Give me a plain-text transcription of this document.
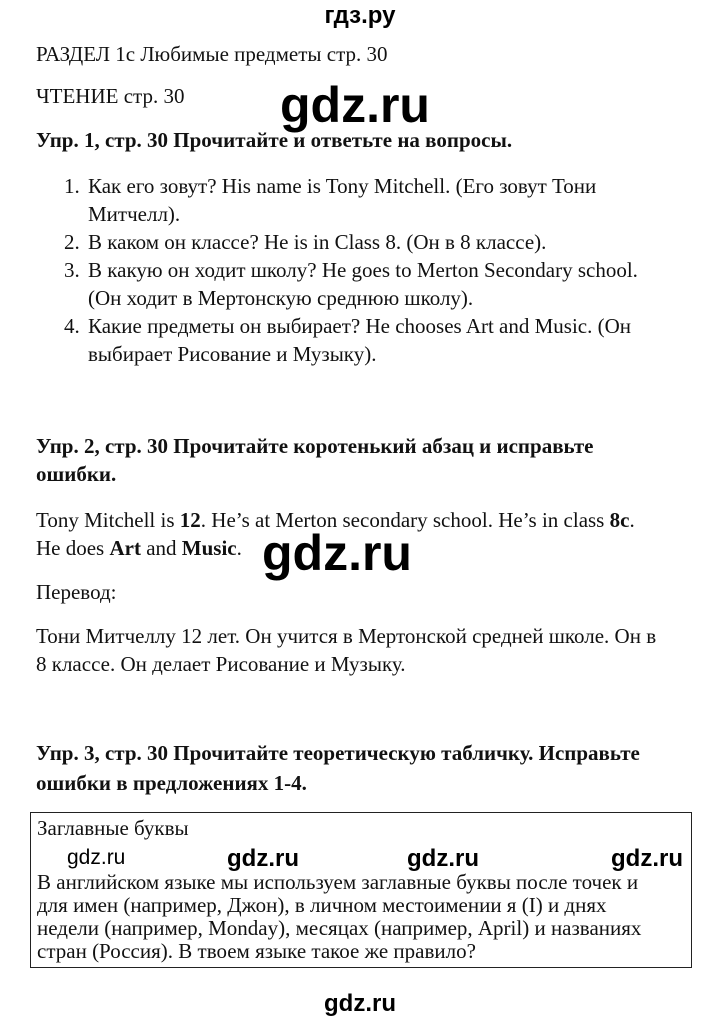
гдз.ру
РАЗДЕЛ 1с Любимые предметы стр. 30
ЧТЕНИЕ стр. 30 gdz.ru
Упр. 1, стр. 30 Прочитайте и ответьте на вопросы.
1. Как его зовут? His name is Tony Mitchell. (Его зовут Тони
Митчелл).
2. В каком он классе? He is in Class 8. (Он в 8 классе).
3. В какую он ходит школу? He goes to Merton Secondary school.
(Он ходит в Мертонскую среднюю школу).
4. Какие предметы он выбирает? He chooses Art and Music. (Он
выбирает Рисование и Музыку).
Упр. 2, стр. 30 Прочитайте коротенький абзац и исправьте
ошибки.
Tony Mitchell is 12. He’s at Merton secondary school. He’s in class 8c.
He does Art and Music. gdz.ru
Перевод:
Тони Митчеллу 12 лет. Он учится в Мертонской средней школе. Он в
8 классе. Он делает Рисование и Музыку.
Упр. 3, стр. 30 Прочитайте теоретическую табличку. Исправьте
ошибки в предложениях 1-4.
Заглавные буквы
gdz.ru	gdz.ru	gdz.ru	gdz.ru
В английском языке мы используем заглавные буквы после точек и
для имен (например, Джон), в личном местоимении я (I) и днях
недели (например, Monday), месяцах (например, April) и названиях
стран (Россия). В твоем языке такое же правило?
gdz.ru
